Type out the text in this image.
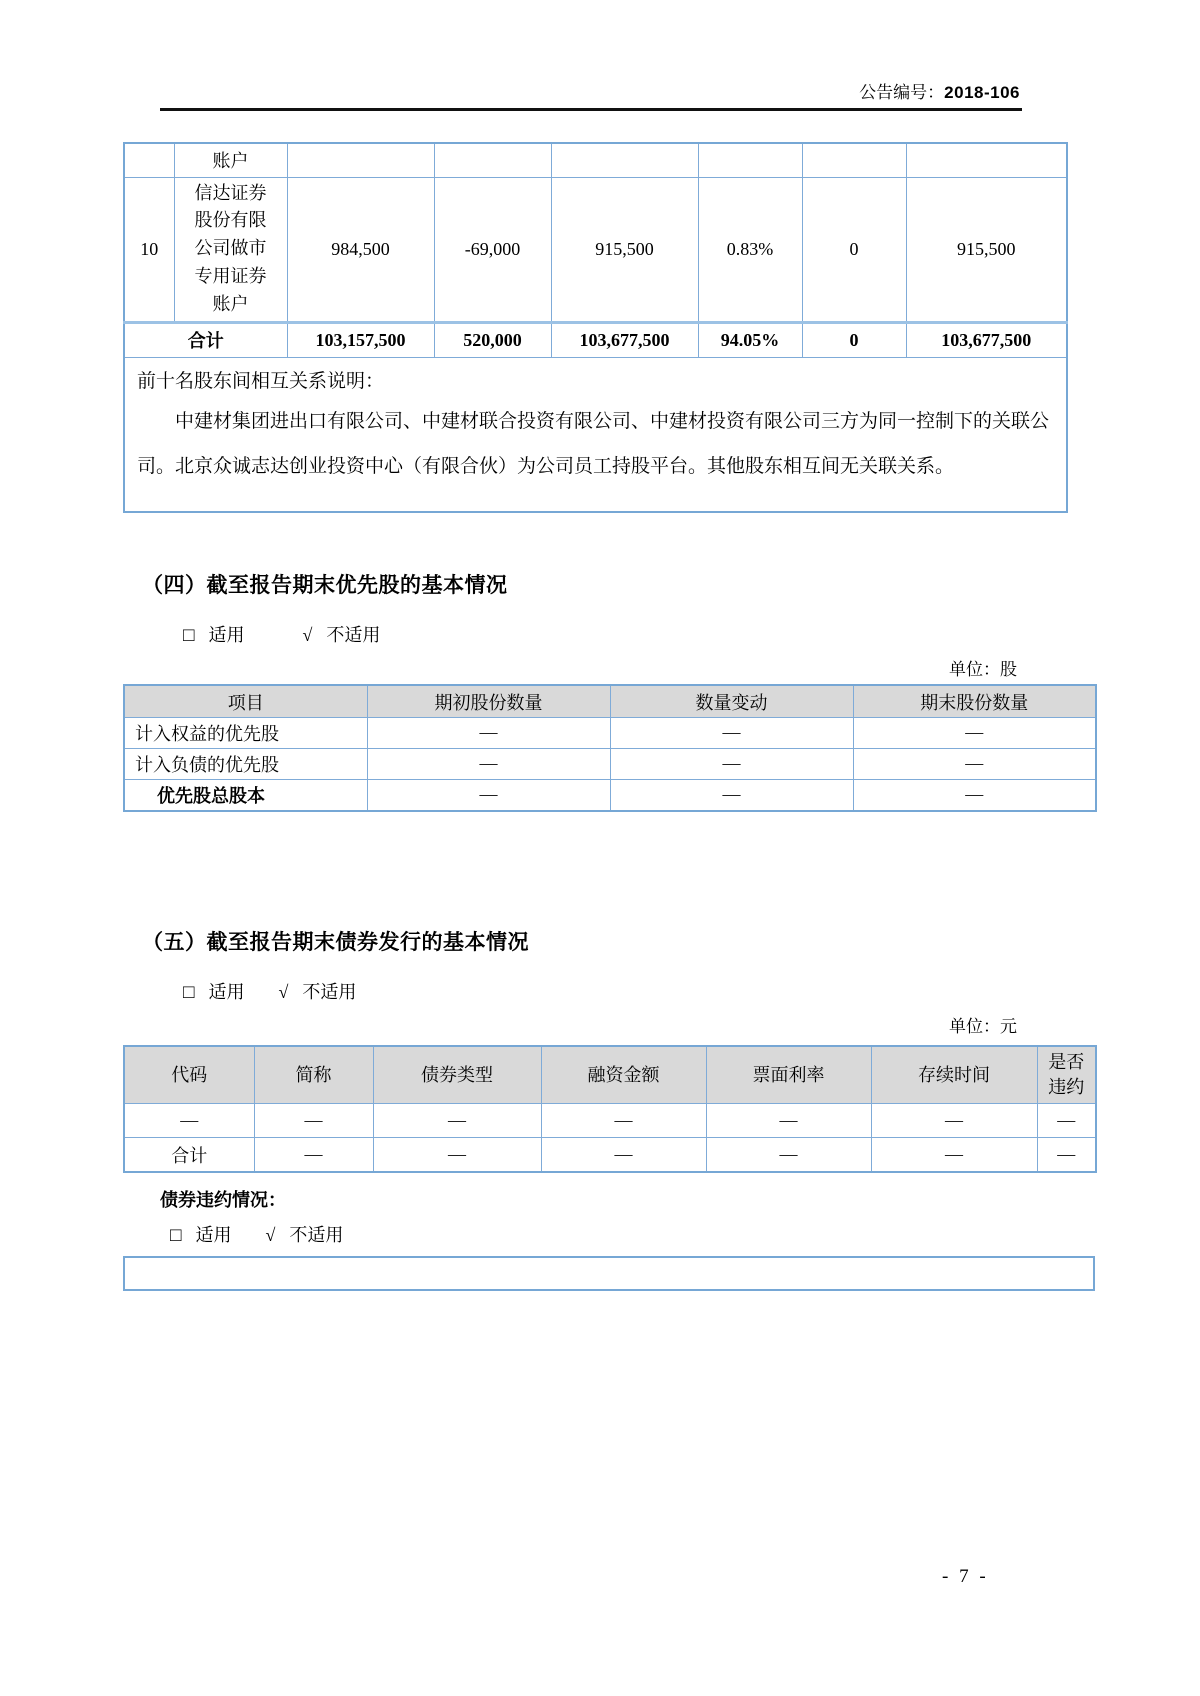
公告编号：2018-106
	账户						
10	信达证券股份有限公司做市专用证券账户	984,500	-69,000	915,500	0.83%	0	915,500
合计		103,157,500	520,000	103,677,500	94.05%	0	103,677,500

前十名股东间相互关系说明：
中建材集团进出口有限公司、中建材联合投资有限公司、中建材投资有限公司三方为同一控制下的关联公司。北京众诚志达创业投资中心（有限合伙）为公司员工持股平台。其他股东相互间无关联关系。							
（四）截至报告期末优先股的基本情况
□ 适用	√ 不适用
单位：股
项目	期初股份数量	数量变动	期末股份数量
计入权益的优先股	—	—	—
计入负债的优先股	—	—	—
优先股总股本	—	—	—
（五）截至报告期末债券发行的基本情况
□ 适用 √ 不适用
单位：元
代码	简称	债券类型	融资金额	票面利率	存续时间	是否违约
—	—	—	—	—	—	—
合计	—	—	—	—	—	—
债券违约情况：
□ 适用 √ 不适用
- 7 -
